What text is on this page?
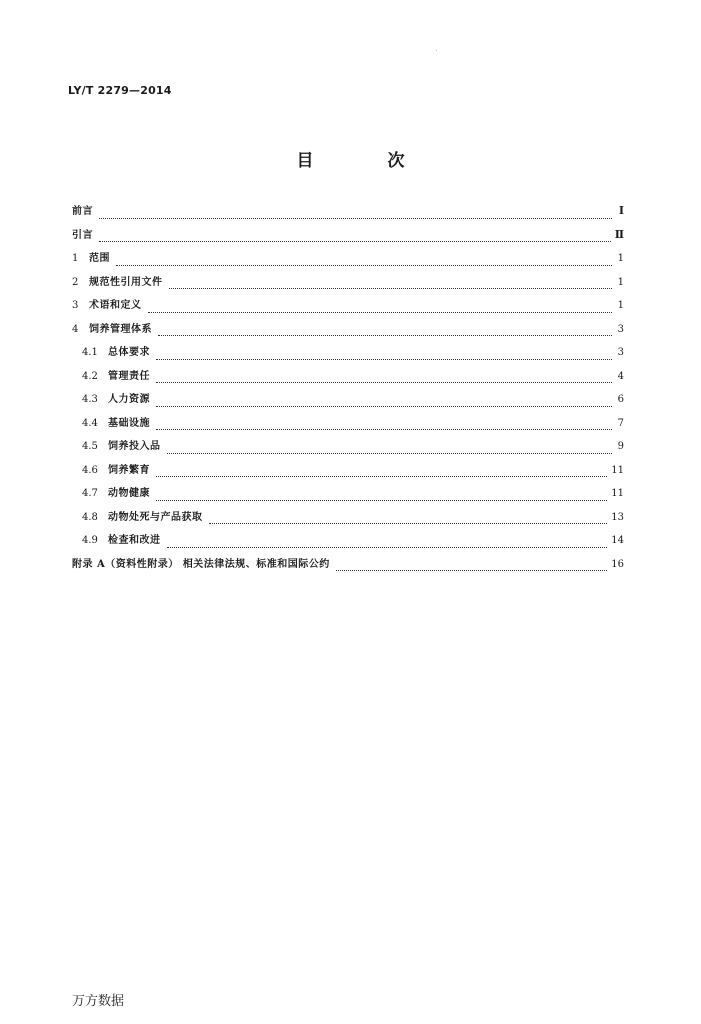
LY/T 2279—2014
目 次
前言	Ⅰ
引言	Ⅱ
1	范围	1
2	规范性引用文件	1
3	术语和定义	1
4	饲养管理体系	3
4.1	总体要求	3
4.2	管理责任	4
4.3	人力资源	6
4.4	基础设施	7
4.5	饲养投入品	9
4.6	饲养繁育	11
4.7	动物健康	11
4.8	动物处死与产品获取	13
4.9	检查和改进	14
附录 A（资料性附录） 相关法律法规、标准和国际公约	16
万方数据
